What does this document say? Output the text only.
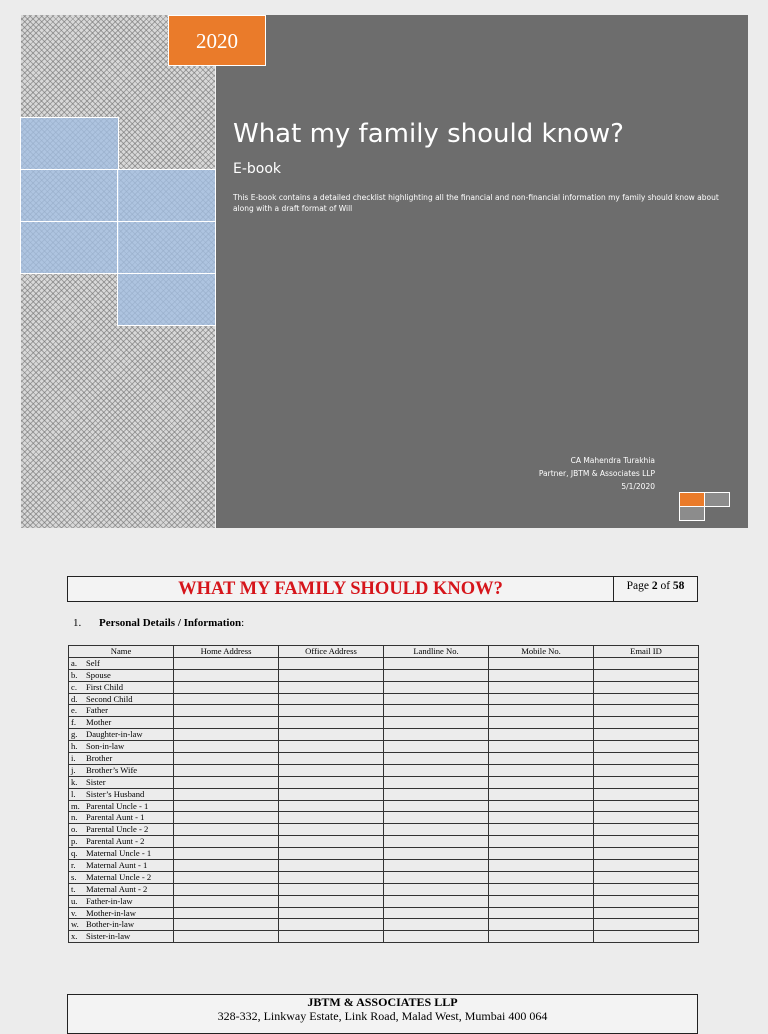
2020
What my family should know?
E-book
This E-book contains a detailed checklist highlighting all the financial and non-financial information my family should know about along with a draft format of Will
CA Mahendra Turakhia
Partner, JBTM & Associates LLP
5/1/2020
WHAT MY FAMILY SHOULD KNOW?	Page 2 of 58
1. Personal Details / Information:
Name	Home Address	Office Address	Landline No.	Mobile No.	Email ID
a. Self					
b. Spouse					
c. First Child					
d. Second Child					
e. Father					
f. Mother					
g. Daughter-in-law					
h. Son-in-law					
i. Brother					
j. Brother’s Wife					
k. Sister					
l. Sister’s Husband					
m. Parental Uncle - 1					
n. Parental Aunt - 1					
o. Parental Uncle - 2					
p. Parental Aunt - 2					
q. Maternal Uncle - 1					
r. Maternal Aunt - 1					
s. Maternal Uncle - 2					
t. Maternal Aunt - 2					
u. Father-in-law					
v. Mother-in-law					
w. Bother-in-law					
x. Sister-in-law					
JBTM & ASSOCIATES LLP
328-332, Linkway Estate, Link Road, Malad West, Mumbai 400 064
